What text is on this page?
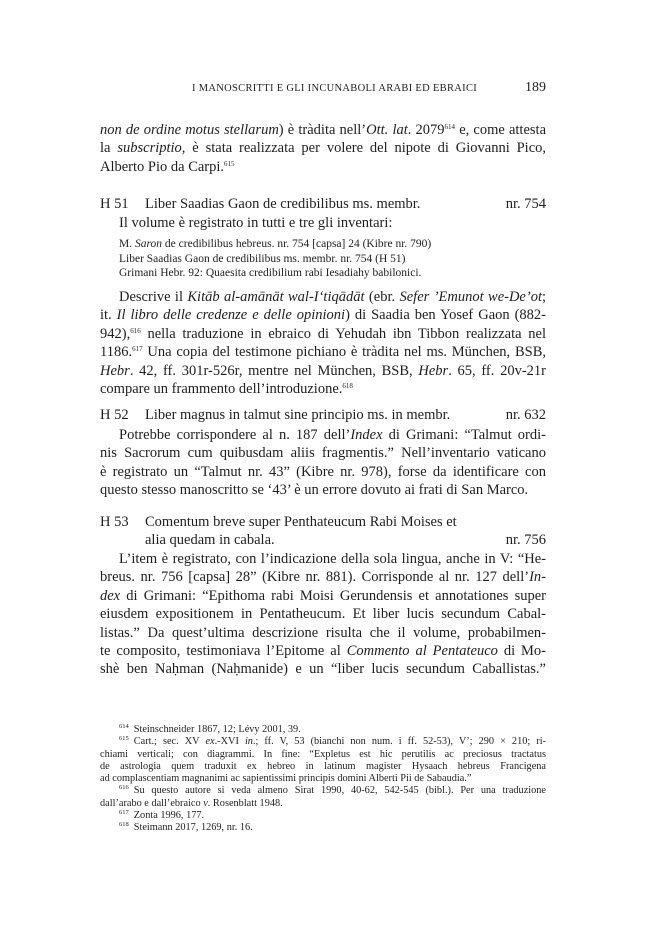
I MANOSCRITTI E GLI INCUNABOLI ARABI ED EBRAICI	189
non de ordine motus stellarum) è tràdita nell’Ott. lat. 2079$^{614}$ e, come attesta
la subscriptio, è stata realizzata per volere del nipote di Giovanni Pico,
Alberto Pio da Carpi.$^{615}$
H 51 Liber Saadias Gaon de credibilibus ms. membr.	nr. 754
Il volume è registrato in tutti e tre gli inventari:
M. Saron de credibilibus hebreus. nr. 754 [capsa] 24 (Kibre nr. 790)
Liber Saadias Gaon de credibilibus ms. membr. nr. 754 (H 51)
Grimani Hebr. 92: Quaesita credibilium rabi Iesadiahy babilonici.
Descrive il Kitāb al-amānāt wal-I‘tiqādāt (ebr. Sefer ’Emunot we-De’ot;
it. Il libro delle credenze e delle opinioni) di Saadia ben Yosef Gaon (882-
942),$^{616}$ nella traduzione in ebraico di Yehudah ibn Tibbon realizzata nel
1186.$^{617}$ Una copia del testimone pichiano è tràdita nel ms. München, BSB,
Hebr. 42, ff. 301r-526r, mentre nel München, BSB, Hebr. 65, ff. 20v-21r
compare un frammento dell’introduzione.$^{618}$
H 52 Liber magnus in talmut sine principio ms. in membr.	nr. 632
Potrebbe corrispondere al n. 187 dell’Index di Grimani: “Talmut ordi-
nis Sacrorum cum quibusdam aliis fragmentis.” Nell’inventario vaticano
è registrato un “Talmut nr. 43” (Kibre nr. 978), forse da identificare con
questo stesso manoscritto se ‘43’ è un errore dovuto ai frati di San Marco.
H 53 Comentum breve super Penthateucum Rabi Moises et
alia quedam in cabala.	nr. 756
L’item è registrato, con l’indicazione della sola lingua, anche in V: “He-
breus. nr. 756 [capsa] 28” (Kibre nr. 881). Corrisponde al nr. 127 dell’In-
dex di Grimani: “Epithoma rabi Moisi Gerundensis et annotationes super
eiusdem expositionem in Pentatheucum. Et liber lucis secundum Cabal-
listas.” Da quest’ultima descrizione risulta che il volume, probabilmen-
te composito, testimoniava l’Epitome al Commento al Pentateuco di Mo-
shè ben Naḥman (Naḥmanide) e un “liber lucis secundum Caballistas.”
$^{614}$ Steinschneider 1867, 12; Lévy 2001, 39.
$^{615}$ Cart.; sec. XV ex.-XVI in.; ff. V, 53 (bianchi non num. i ff. 52-53), V’; 290 × 210; ri-
chiami verticali; con diagrammi. In fine: “Expletus est hic perutilis ac preciosus tractatus
de astrologia quem traduxit ex hebreo in latinum magister Hysaach hebreus Francigena
ad complascentiam magnanimi ac sapientissimi principis domini Alberti Pii de Sabaudia.”
$^{616}$ Su questo autore si veda almeno Sirat 1990, 40-62, 542-545 (bibl.). Per una traduzione
dall’arabo e dall’ebraico v. Rosenblatt 1948.
$^{617}$ Zonta 1996, 177.
$^{618}$ Steimann 2017, 1269, nr. 16.
